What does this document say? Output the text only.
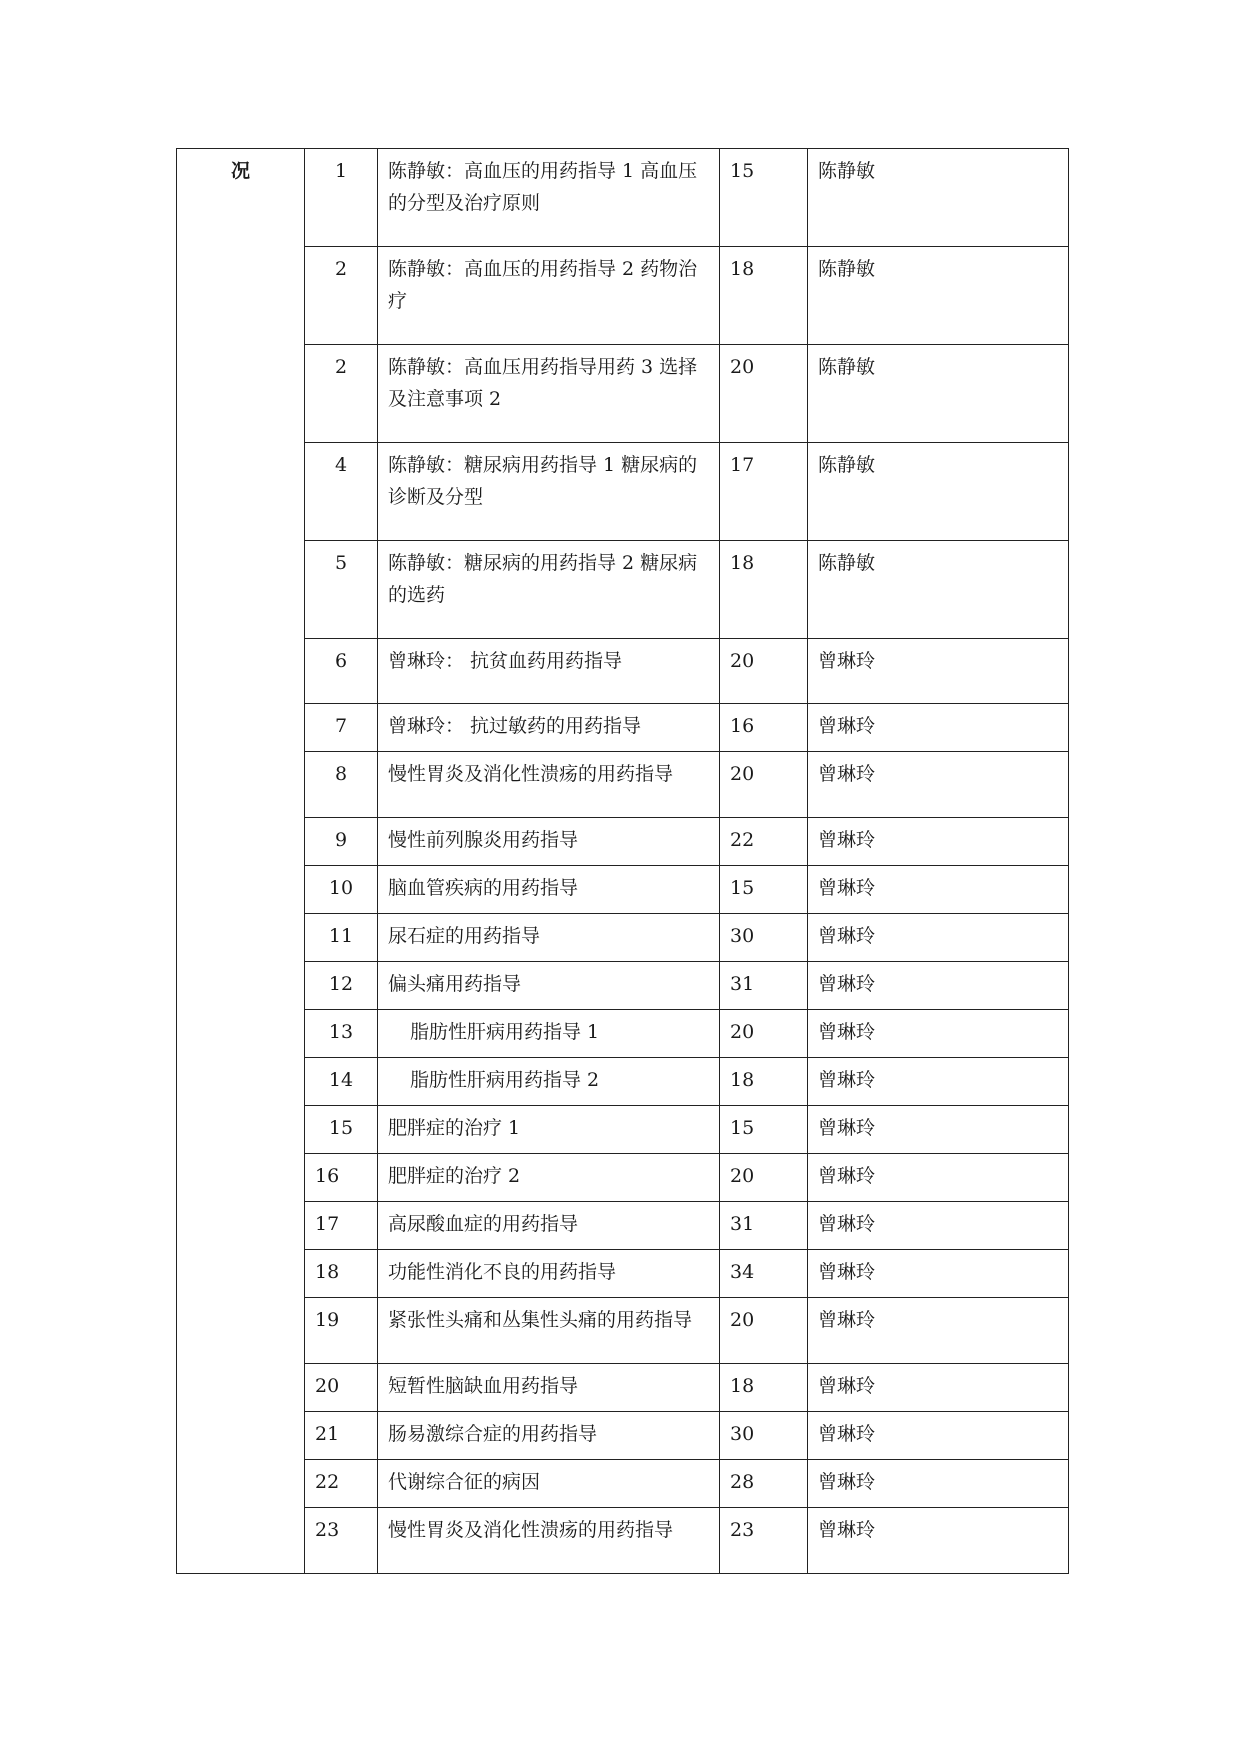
况	1	陈静敏：高血压的用药指导 1 高血压的分型及治疗原则	15	陈静敏
	2	陈静敏：高血压的用药指导 2 药物治疗	18	陈静敏
	2	陈静敏：高血压用药指导用药 3 选择及注意事项 2	20	陈静敏
	4	陈静敏：糖尿病用药指导 1 糖尿病的诊断及分型	17	陈静敏
	5	陈静敏：糖尿病的用药指导 2 糖尿病的选药	18	陈静敏
	6	曾琳玲： 抗贫血药用药指导	20	曾琳玲
	7	曾琳玲： 抗过敏药的用药指导	16	曾琳玲
	8	慢性胃炎及消化性溃疡的用药指导	20	曾琳玲
	9	慢性前列腺炎用药指导	22	曾琳玲
	10	脑血管疾病的用药指导	15	曾琳玲
	11	尿石症的用药指导	30	曾琳玲
	12	偏头痛用药指导	31	曾琳玲
	13	脂肪性肝病用药指导 1	20	曾琳玲
	14	脂肪性肝病用药指导 2	18	曾琳玲
	15	肥胖症的治疗 1	15	曾琳玲
	16	肥胖症的治疗 2	20	曾琳玲
	17	高尿酸血症的用药指导	31	曾琳玲
	18	功能性消化不良的用药指导	34	曾琳玲
	19	紧张性头痛和丛集性头痛的用药指导	20	曾琳玲
	20	短暂性脑缺血用药指导	18	曾琳玲
	21	肠易激综合症的用药指导	30	曾琳玲
	22	代谢综合征的病因	28	曾琳玲
	23	慢性胃炎及消化性溃疡的用药指导	23	曾琳玲
